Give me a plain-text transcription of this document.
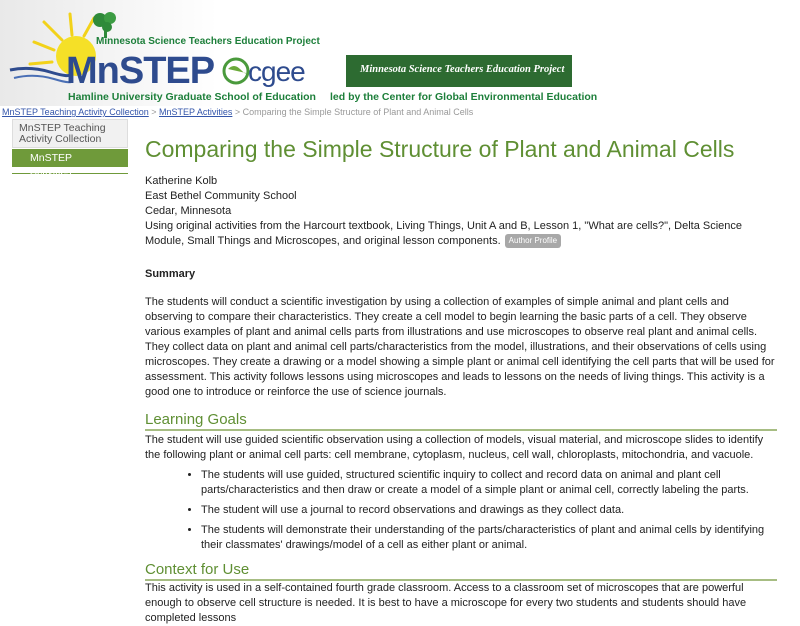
Minnesota Science Teachers Education Project
MnSTEP cgee	Minnesota Science Teachers Education Project
Hamline University Graduate School of Education led by the Center for Global Environmental Education
MnSTEP Teaching Activity Collection > MnSTEP Activities > Comparing the Simple Structure of Plant and Animal Cells
MnSTEP Teaching Activity Collection
MnSTEP Activities
Comparing the Simple Structure of Plant and Animal Cells

Katherine Kolb

East Bethel Community School

Cedar, Minnesota

Using original activities from the Harcourt textbook, Living Things, Unit A and B, Lesson 1, "What are cells?", Delta Science Module, Small Things and Microscopes, and original lesson components. Author Profile

Summary

The students will conduct a scientific investigation by using a collection of examples of simple animal and plant cells and observing to compare their characteristics. They create a cell model to begin learning the basic parts of a cell. They observe various examples of plant and animal cells parts from illustrations and use microscopes to observe real plant and animal cells. They collect data on plant and animal cell parts/characteristics from the model, illustrations, and their observations of cells using microscopes. They create a drawing or a model showing a simple plant or animal cell identifying the cell parts that will be used for assessment. This activity follows lessons using microscopes and leads to lessons on the needs of living things. This activity is a good one to introduce or reinforce the use of science journals.

Learning Goals

The student will use guided scientific observation using a collection of models, visual material, and microscope slides to identify the following plant or animal cell parts: cell membrane, cytoplasm, nucleus, cell wall, chloroplasts, mitochondria, and vacuole.

• The students will use guided, structured scientific inquiry to collect and record data on animal and plant cell parts/characteristics and then draw or create a model of a simple plant or animal cell, correctly labeling the parts.
• The student will use a journal to record observations and drawings as they collect data.
• The students will demonstrate their understanding of the parts/characteristics of plant and animal cells by identifying their classmates' drawings/model of a cell as either plant or animal.
Context for Use

This activity is used in a self-contained fourth grade classroom. Access to a classroom set of microscopes that are powerful enough to observe cell structure is needed. It is best to have a microscope for every two students and students should have completed lessons
